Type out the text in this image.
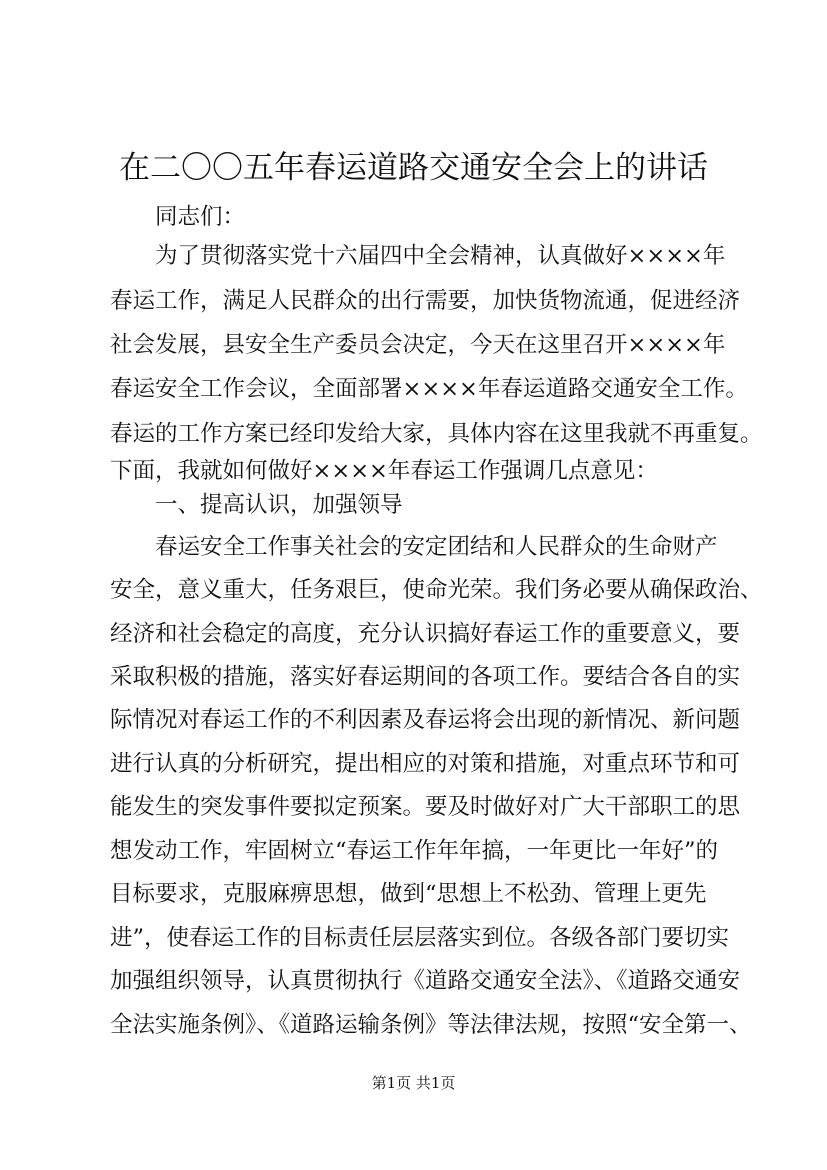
在二〇〇五年春运道路交通安全会上的讲话
同志们：
为了贯彻落实党十六届四中全会精神，认真做好××××年
春运工作，满足人民群众的出行需要，加快货物流通，促进经济
社会发展，县安全生产委员会决定，今天在这里召开××××年
春运安全工作会议，全面部署××××年春运道路交通安全工作。
春运的工作方案已经印发给大家，具体内容在这里我就不再重复。
下面，我就如何做好××××年春运工作强调几点意见：
一、提高认识，加强领导
春运安全工作事关社会的安定团结和人民群众的生命财产
安全，意义重大，任务艰巨，使命光荣。我们务必要从确保政治、
经济和社会稳定的高度，充分认识搞好春运工作的重要意义，要
采取积极的措施，落实好春运期间的各项工作。要结合各自的实
际情况对春运工作的不利因素及春运将会出现的新情况、新问题
进行认真的分析研究，提出相应的对策和措施，对重点环节和可
能发生的突发事件要拟定预案。要及时做好对广大干部职工的思
想发动工作，牢固树立“春运工作年年搞，一年更比一年好”的
目标要求，克服麻痹思想，做到“思想上不松劲、管理上更先
进”，使春运工作的目标责任层层落实到位。各级各部门要切实
加强组织领导，认真贯彻执行《道路交通安全法》、《道路交通安
全法实施条例》、《道路运输条例》等法律法规，按照“安全第一、
第1页 共1页
